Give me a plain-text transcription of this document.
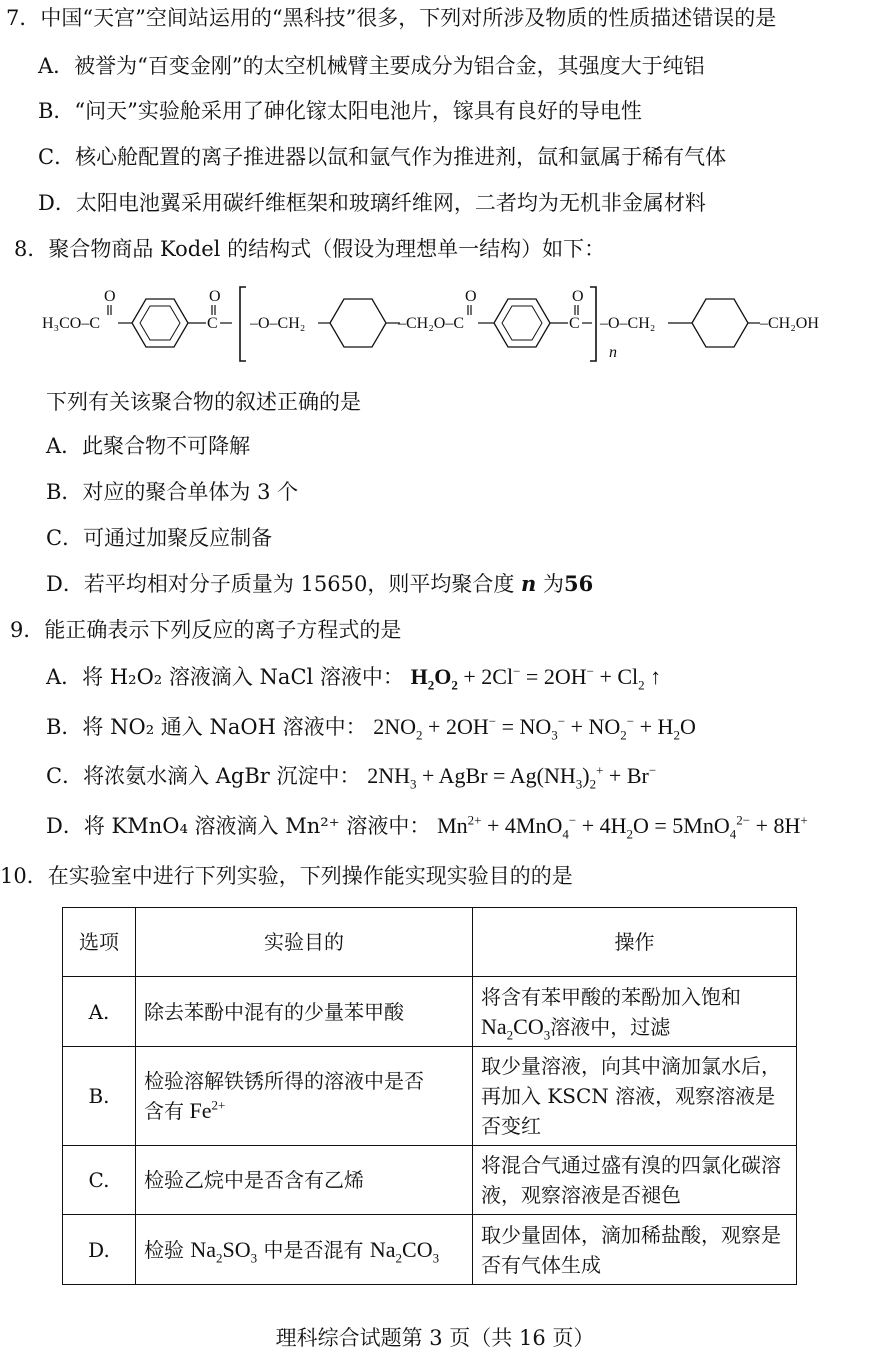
7．中国“天宫”空间站运用的“黑科技”很多，下列对所涉及物质的性质描述错误的是
A．被誉为“百变金刚”的太空机械臂主要成分为铝合金，其强度大于纯铝
B．“问天”实验舱采用了砷化镓太阳电池片，镓具有良好的导电性
C．核心舱配置的离子推进器以氙和氩气作为推进剂，氙和氩属于稀有气体
D．太阳电池翼采用碳纤维框架和玻璃纤维网，二者均为无机非金属材料
8．聚合物商品 Kodel 的结构式（假设为理想单一结构）如下：
H₃CO–C
O
C
O
–O–CH₂	–CH₂O–C
O
C
O
n
–O–CH₂	–CH₂OH
下列有关该聚合物的叙述正确的是
A．此聚合物不可降解
B．对应的聚合单体为 3 个
C．可通过加聚反应制备
D．若平均相对分子质量为 15650，则平均聚合度 n 为56
9．能正确表示下列反应的离子方程式的是
A．将 H₂O₂ 溶液滴入 NaCl 溶液中： $H_2O_2 + 2Cl^- = 2OH^- + Cl_2$ ↑
B．将 NO₂ 通入 NaOH 溶液中： $2NO_2 + 2OH^- = NO_3^- + NO_2^- + H_2O$
C．将浓氨水滴入 AgBr 沉淀中： $2NH_3$ + AgBr = $Ag(NH_3)_2^+ + Br^-$
D．将 KMnO₄ 溶液滴入 Mn²⁺ 溶液中： $Mn^{2+} + 4MnO_4^- + 4H_2O = 5MnO_4^{2-} + 8H^+$
10．在实验室中进行下列实验，下列操作能实现实验目的的是
选项	实验目的	操作
A.	除去苯酚中混有的少量苯甲酸	将含有苯甲酸的苯酚加入饱和
$Na_2CO_3$溶液中，过滤
B.	检验溶解铁锈所得的溶液中是否
含有 $Fe^{2+}$	取少量溶液，向其中滴加氯水后，再加入 KSCN 溶液，观察溶液是否变红
C.	检验乙烷中是否含有乙烯	将混合气通过盛有溴的四氯化碳溶液，观察溶液是否褪色
D.	检验 $Na_2SO_3$ 中是否混有 $Na_2CO_3$	取少量固体，滴加稀盐酸，观察是否有气体生成
理科综合试题第 3 页（共 16 页）
